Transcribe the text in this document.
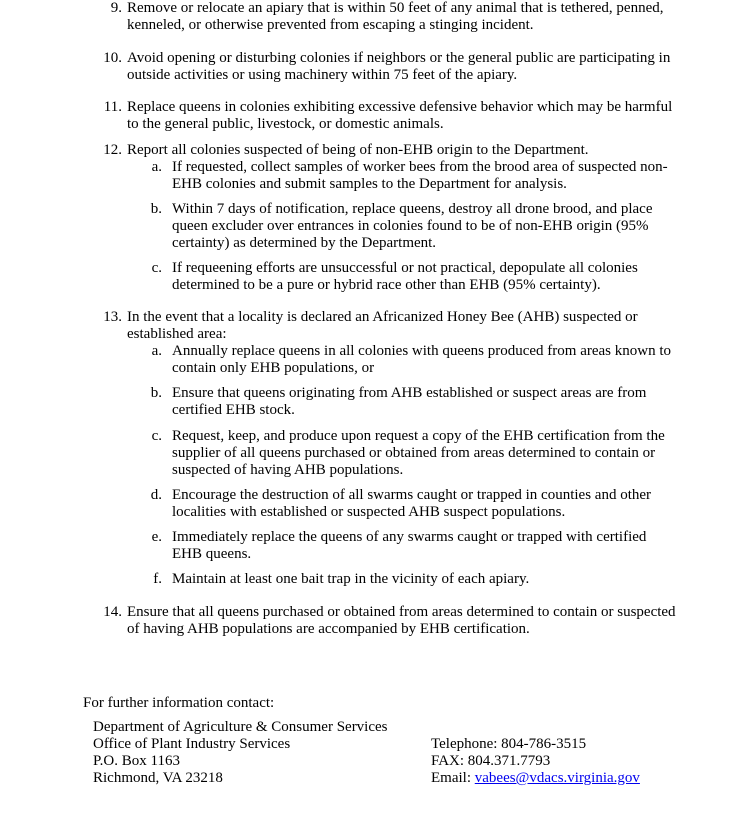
9. Remove or relocate an apiary that is within 50 feet of any animal that is tethered, penned, kenneled, or otherwise prevented from escaping a stinging incident.
10. Avoid opening or disturbing colonies if neighbors or the general public are participating in outside activities or using machinery within 75 feet of the apiary.
11. Replace queens in colonies exhibiting excessive defensive behavior which may be harmful to the general public, livestock, or domestic animals.
12. Report all colonies suspected of being of non-EHB origin to the Department.
a. If requested, collect samples of worker bees from the brood area of suspected non-EHB colonies and submit samples to the Department for analysis.
b. Within 7 days of notification, replace queens, destroy all drone brood, and place queen excluder over entrances in colonies found to be of non-EHB origin (95% certainty) as determined by the Department.
c. If requeening efforts are unsuccessful or not practical, depopulate all colonies determined to be a pure or hybrid race other than EHB (95% certainty).
13. In the event that a locality is declared an Africanized Honey Bee (AHB) suspected or established area:
a. Annually replace queens in all colonies with queens produced from areas known to contain only EHB populations, or
b. Ensure that queens originating from AHB established or suspect areas are from certified EHB stock.
c. Request, keep, and produce upon request a copy of the EHB certification from the supplier of all queens purchased or obtained from areas determined to contain or suspected of having AHB populations.
d. Encourage the destruction of all swarms caught or trapped in counties and other localities with established or suspected AHB suspect populations.
e. Immediately replace the queens of any swarms caught or trapped with certified EHB queens.
f. Maintain at least one bait trap in the vicinity of each apiary.
14. Ensure that all queens purchased or obtained from areas determined to contain or suspected of having AHB populations are accompanied by EHB certification.
For further information contact:
Department of Agriculture & Consumer Services
Office of Plant Industry Services
P.O. Box 1163
Richmond, VA 23218
Telephone: 804-786-3515
FAX: 804.371.7793
Email: vabees@vdacs.virginia.gov
